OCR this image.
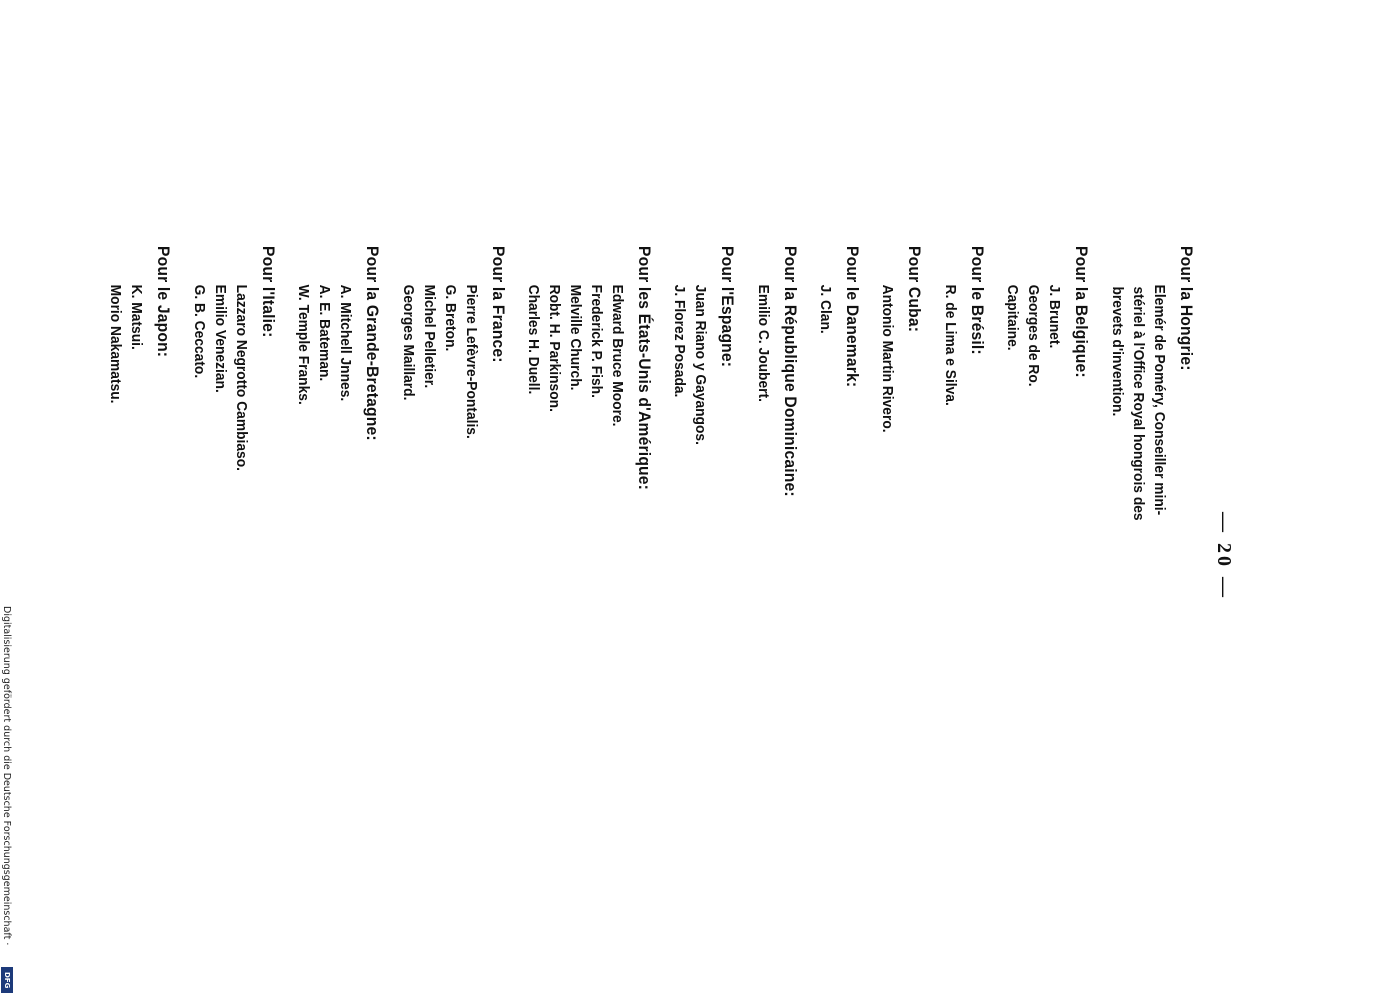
— 20 —
Pour la Hongrie:
Elemér de Poméry, Conseiller mini-
stériel à l'Office Royal hongrois des
brevets d'invention.
Pour la Belgique:
J. Brunet.
Georges de Ro.
Capitaine.
Pour le Brésil:
R. de Lima e Silva.
Pour Cuba:
Antonio Martin Rivero.
Pour le Danemark:
J. Clan.
Pour la République Dominicaine:
Emilio C. Joubert.
Pour l'Espagne:
Juan Riano y Gayangos.
J. Florez Posada.
Pour les États-Unis d'Amérique:
Edward Bruce Moore.
Frederick P. Fish.
Melville Church.
Robt. H. Parkinson.
Charles H. Duell.
Pour la France:
Pierre Lefèvre-Pontalis.
G. Breton.
Michel Pelletier.
Georges Maillard.
Pour la Grande-Bretagne:
A. Mitchell Jnnes.
A. E. Bateman.
W. Temple Franks.
Pour l'Italie:
Lazzaro Negrotto Cambiaso.
Emilio Venezian.
G. B. Ceccato.
Pour le Japon:
K. Matsui.
Morio Nakamatsu.
Digitalisierung gefördert durch die Deutsche Forschungsgemeinschaft ·
DFG
